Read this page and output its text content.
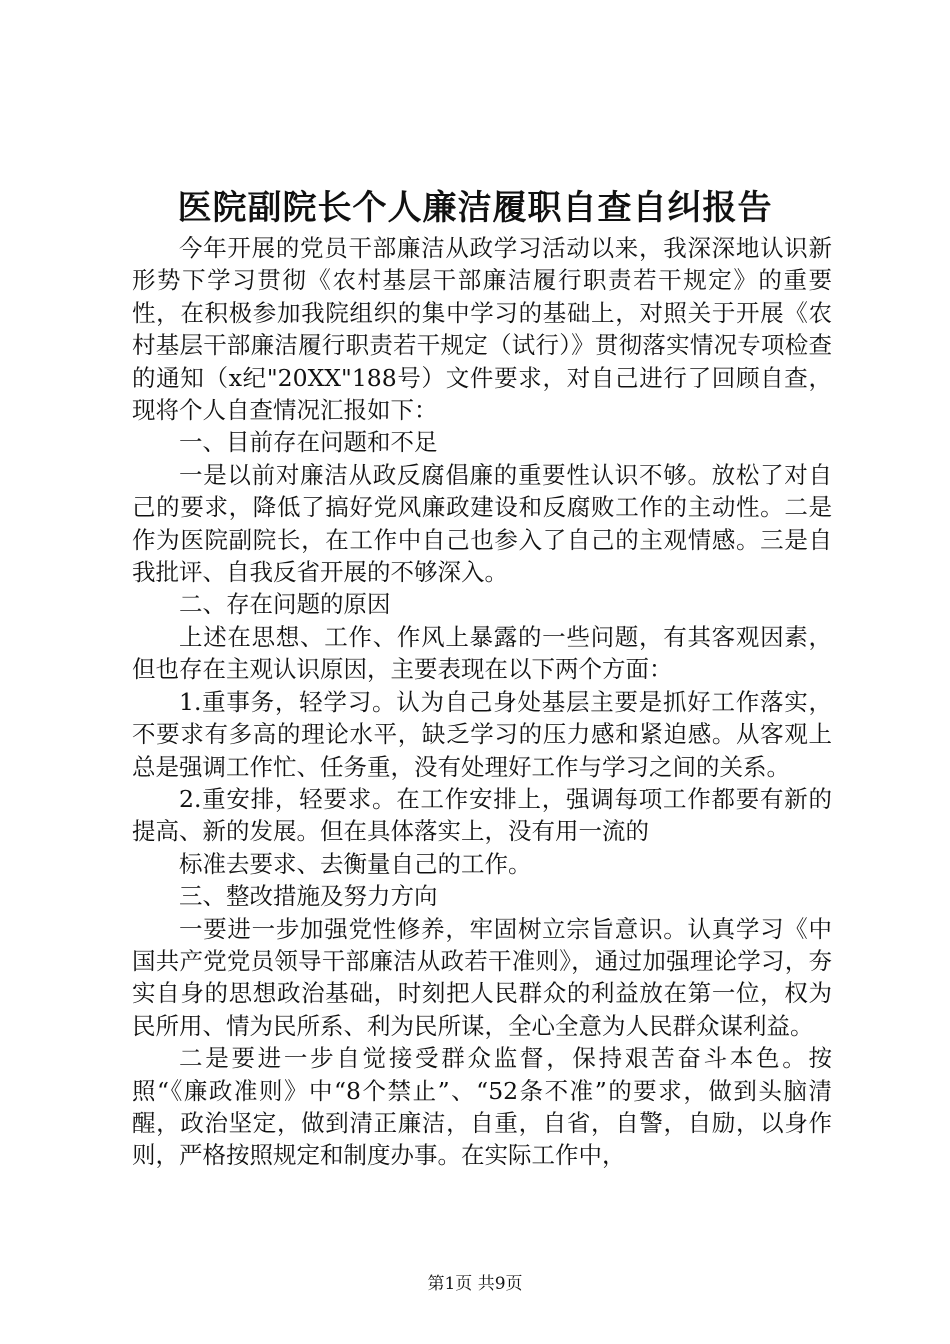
医院副院长个人廉洁履职自查自纠报告

今年开展的党员干部廉洁从政学习活动以来，我深深地认识新形势下学习贯彻《农村基层干部廉洁履行职责若干规定》的重要性，在积极参加我院组织的集中学习的基础上，对照关于开展《农村基层干部廉洁履行职责若干规定（试行）》贯彻落实情况专项检查的通知（x纪"20XX"188号）文件要求，对自己进行了回顾自查，现将个人自查情况汇报如下：

一、目前存在问题和不足

一是以前对廉洁从政反腐倡廉的重要性认识不够。放松了对自己的要求，降低了搞好党风廉政建设和反腐败工作的主动性。二是作为医院副院长，在工作中自己也参入了自己的主观情感。三是自我批评、自我反省开展的不够深入。

二、存在问题的原因

上述在思想、工作、作风上暴露的一些问题，有其客观因素，但也存在主观认识原因，主要表现在以下两个方面：

1.重事务，轻学习。认为自己身处基层主要是抓好工作落实，不要求有多高的理论水平，缺乏学习的压力感和紧迫感。从客观上总是强调工作忙、任务重，没有处理好工作与学习之间的关系。

2.重安排，轻要求。在工作安排上，强调每项工作都要有新的提高、新的发展。但在具体落实上，没有用一流的

标准去要求、去衡量自己的工作。

三、整改措施及努力方向

一要进一步加强党性修养，牢固树立宗旨意识。认真学习《中国共产党党员领导干部廉洁从政若干准则》，通过加强理论学习，夯实自身的思想政治基础，时刻把人民群众的利益放在第一位，权为民所用、情为民所系、利为民所谋，全心全意为人民群众谋利益。

二是要进一步自觉接受群众监督，保持艰苦奋斗本色。按照“《廉政准则》中“8个禁止”、“52条不准”的要求，做到头脑清醒，政治坚定，做到清正廉洁，自重，自省，自警，自励，以身作则，严格按照规定和制度办事。在实际工作中，

第1页 共9页
